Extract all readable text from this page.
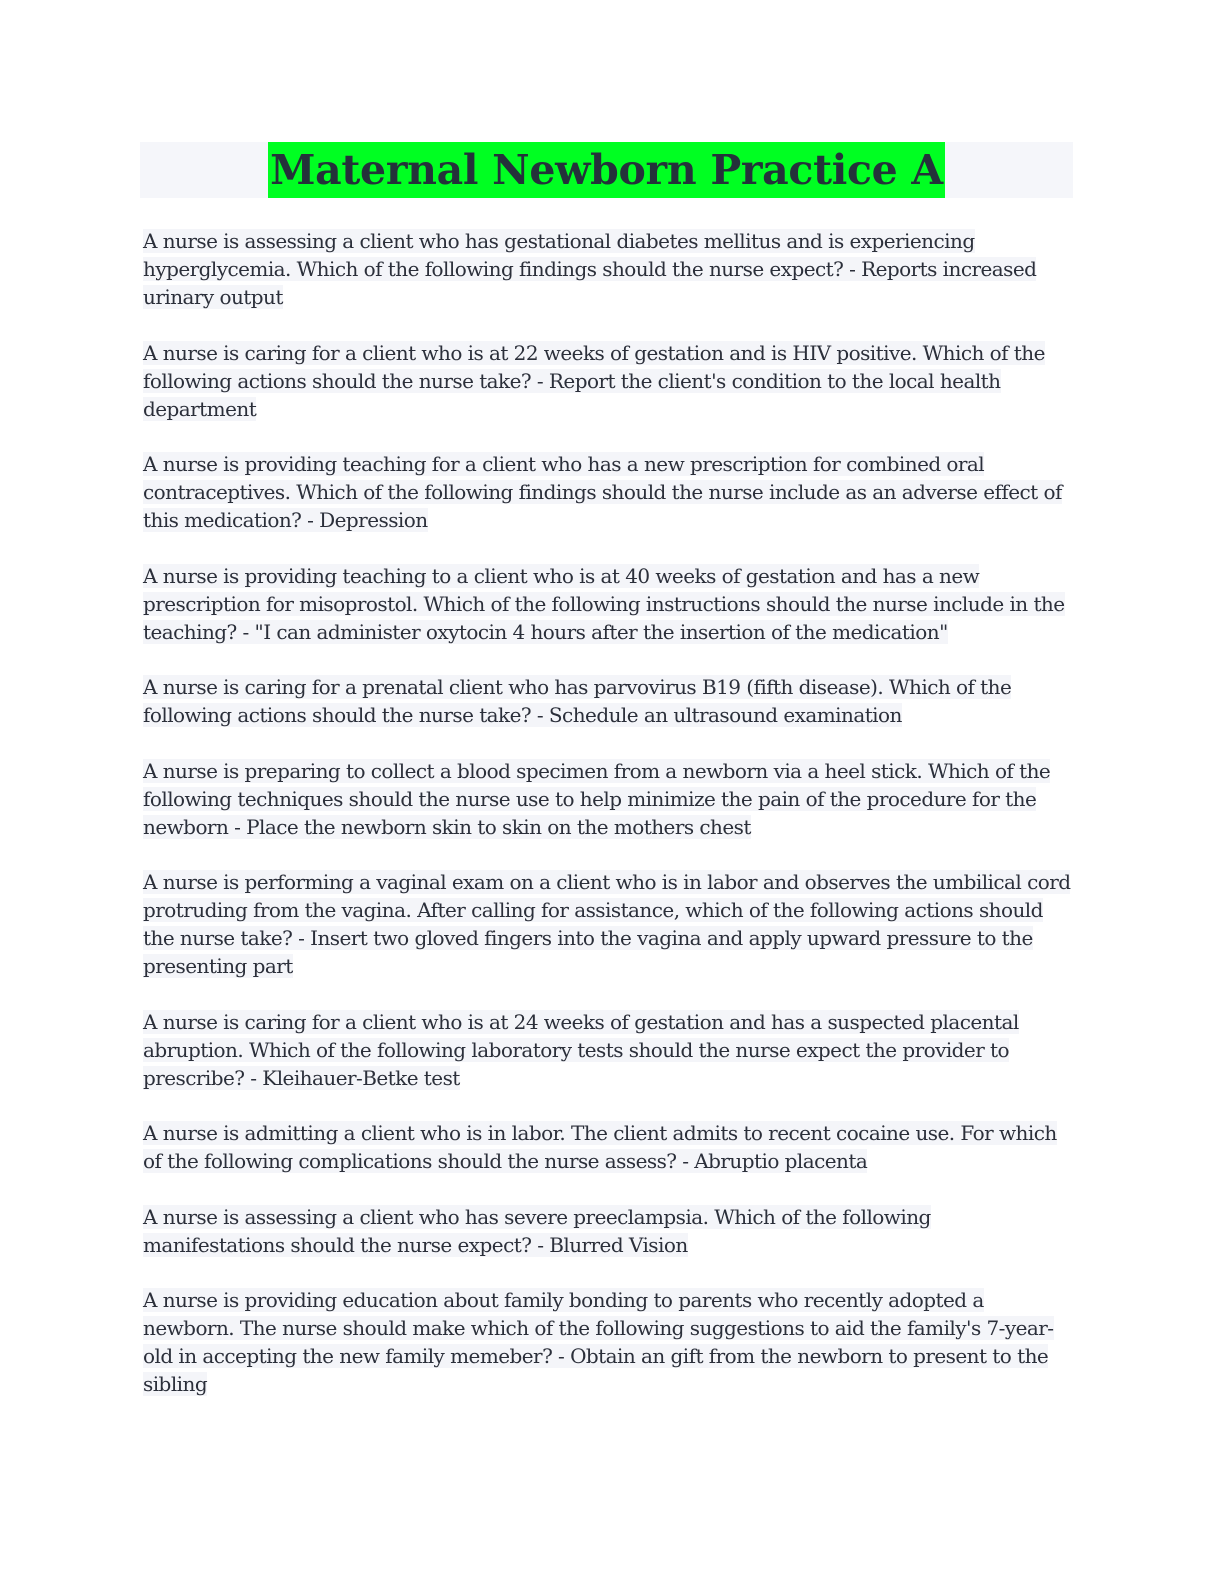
Maternal Newborn Practice A

A nurse is assessing a client who has gestational diabetes mellitus and is experiencing hyperglycemia. Which of the following findings should the nurse expect? - Reports increased urinary output

A nurse is caring for a client who is at 22 weeks of gestation and is HIV positive. Which of the following actions should the nurse take? - Report the client's condition to the local health department

A nurse is providing teaching for a client who has a new prescription for combined oral contraceptives. Which of the following findings should the nurse include as an adverse effect of this medication? - Depression

A nurse is providing teaching to a client who is at 40 weeks of gestation and has a new prescription for misoprostol. Which of the following instructions should the nurse include in the teaching? - "I can administer oxytocin 4 hours after the insertion of the medication"

A nurse is caring for a prenatal client who has parvovirus B19 (fifth disease). Which of the following actions should the nurse take? - Schedule an ultrasound examination

A nurse is preparing to collect a blood specimen from a newborn via a heel stick. Which of the following techniques should the nurse use to help minimize the pain of the procedure for the newborn - Place the newborn skin to skin on the mothers chest

A nurse is performing a vaginal exam on a client who is in labor and observes the umbilical cord protruding from the vagina. After calling for assistance, which of the following actions should the nurse take? - Insert two gloved fingers into the vagina and apply upward pressure to the presenting part

A nurse is caring for a client who is at 24 weeks of gestation and has a suspected placental abruption. Which of the following laboratory tests should the nurse expect the provider to prescribe? - Kleihauer-Betke test

A nurse is admitting a client who is in labor. The client admits to recent cocaine use. For which of the following complications should the nurse assess? - Abruptio placenta

A nurse is assessing a client who has severe preeclampsia. Which of the following manifestations should the nurse expect? - Blurred Vision

A nurse is providing education about family bonding to parents who recently adopted a newborn. The nurse should make which of the following suggestions to aid the family's 7-year-old in accepting the new family memeber? - Obtain an gift from the newborn to present to the sibling
